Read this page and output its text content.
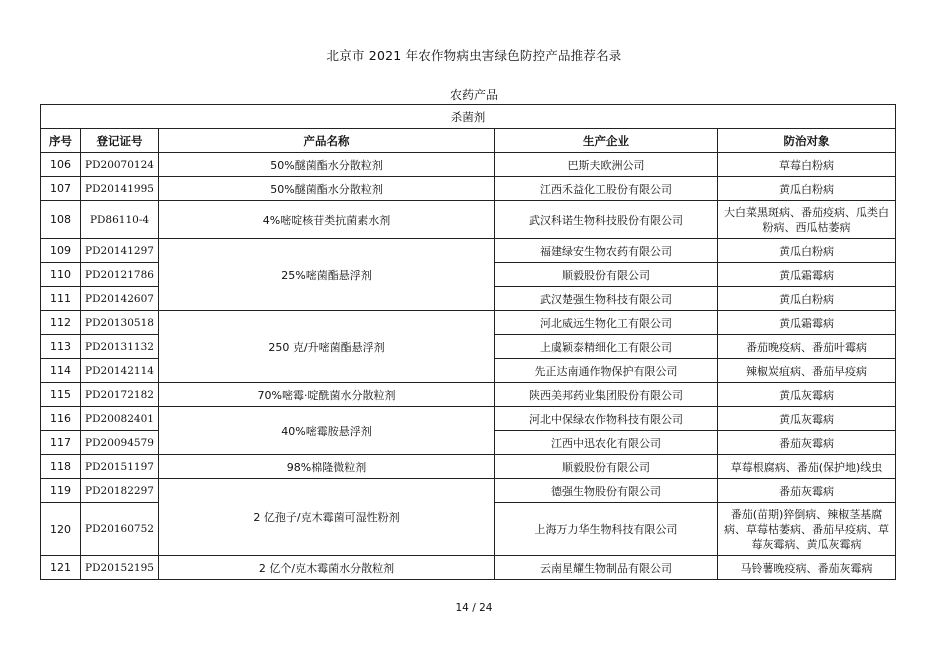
北京市 2021 年农作物病虫害绿色防控产品推荐名录
农药产品
杀菌剂				
序号	登记证号	产品名称	生产企业	防治对象
106	PD20070124	50%醚菌酯水分散粒剂	巴斯夫欧洲公司	草莓白粉病
107	PD20141995	50%醚菌酯水分散粒剂	江西禾益化工股份有限公司	黄瓜白粉病
108	PD86110-4	4%嘧啶核苷类抗菌素水剂	武汉科诺生物科技股份有限公司	大白菜黑斑病、番茄疫病、瓜类白粉病、西瓜枯萎病
109	PD20141297	25%嘧菌酯悬浮剂	福建绿安生物农药有限公司	黄瓜白粉病
110	PD20121786		顺毅股份有限公司	黄瓜霜霉病
111	PD20142607		武汉楚强生物科技有限公司	黄瓜白粉病
112	PD20130518	250 克/升嘧菌酯悬浮剂	河北威远生物化工有限公司	黄瓜霜霉病
113	PD20131132		上虞颖泰精细化工有限公司	番茄晚疫病、番茄叶霉病
114	PD20142114		先正达南通作物保护有限公司	辣椒炭疽病、番茄早疫病
115	PD20172182	70%嘧霉·啶酰菌水分散粒剂	陕西美邦药业集团股份有限公司	黄瓜灰霉病
116	PD20082401	40%嘧霉胺悬浮剂	河北中保绿农作物科技有限公司	黄瓜灰霉病
117	PD20094579		江西中迅农化有限公司	番茄灰霉病
118	PD20151197	98%棉隆微粒剂	顺毅股份有限公司	草莓根腐病、番茄(保护地)线虫
119	PD20182297	2 亿孢子/克木霉菌可湿性粉剂	德强生物股份有限公司	番茄灰霉病
120	PD20160752		上海万力华生物科技有限公司	番茄(苗期)猝倒病、辣椒茎基腐病、草莓枯萎病、番茄早疫病、草莓灰霉病、黄瓜灰霉病
121	PD20152195	2 亿个/克木霉菌水分散粒剂	云南星耀生物制品有限公司	马铃薯晚疫病、番茄灰霉病
14 / 24
